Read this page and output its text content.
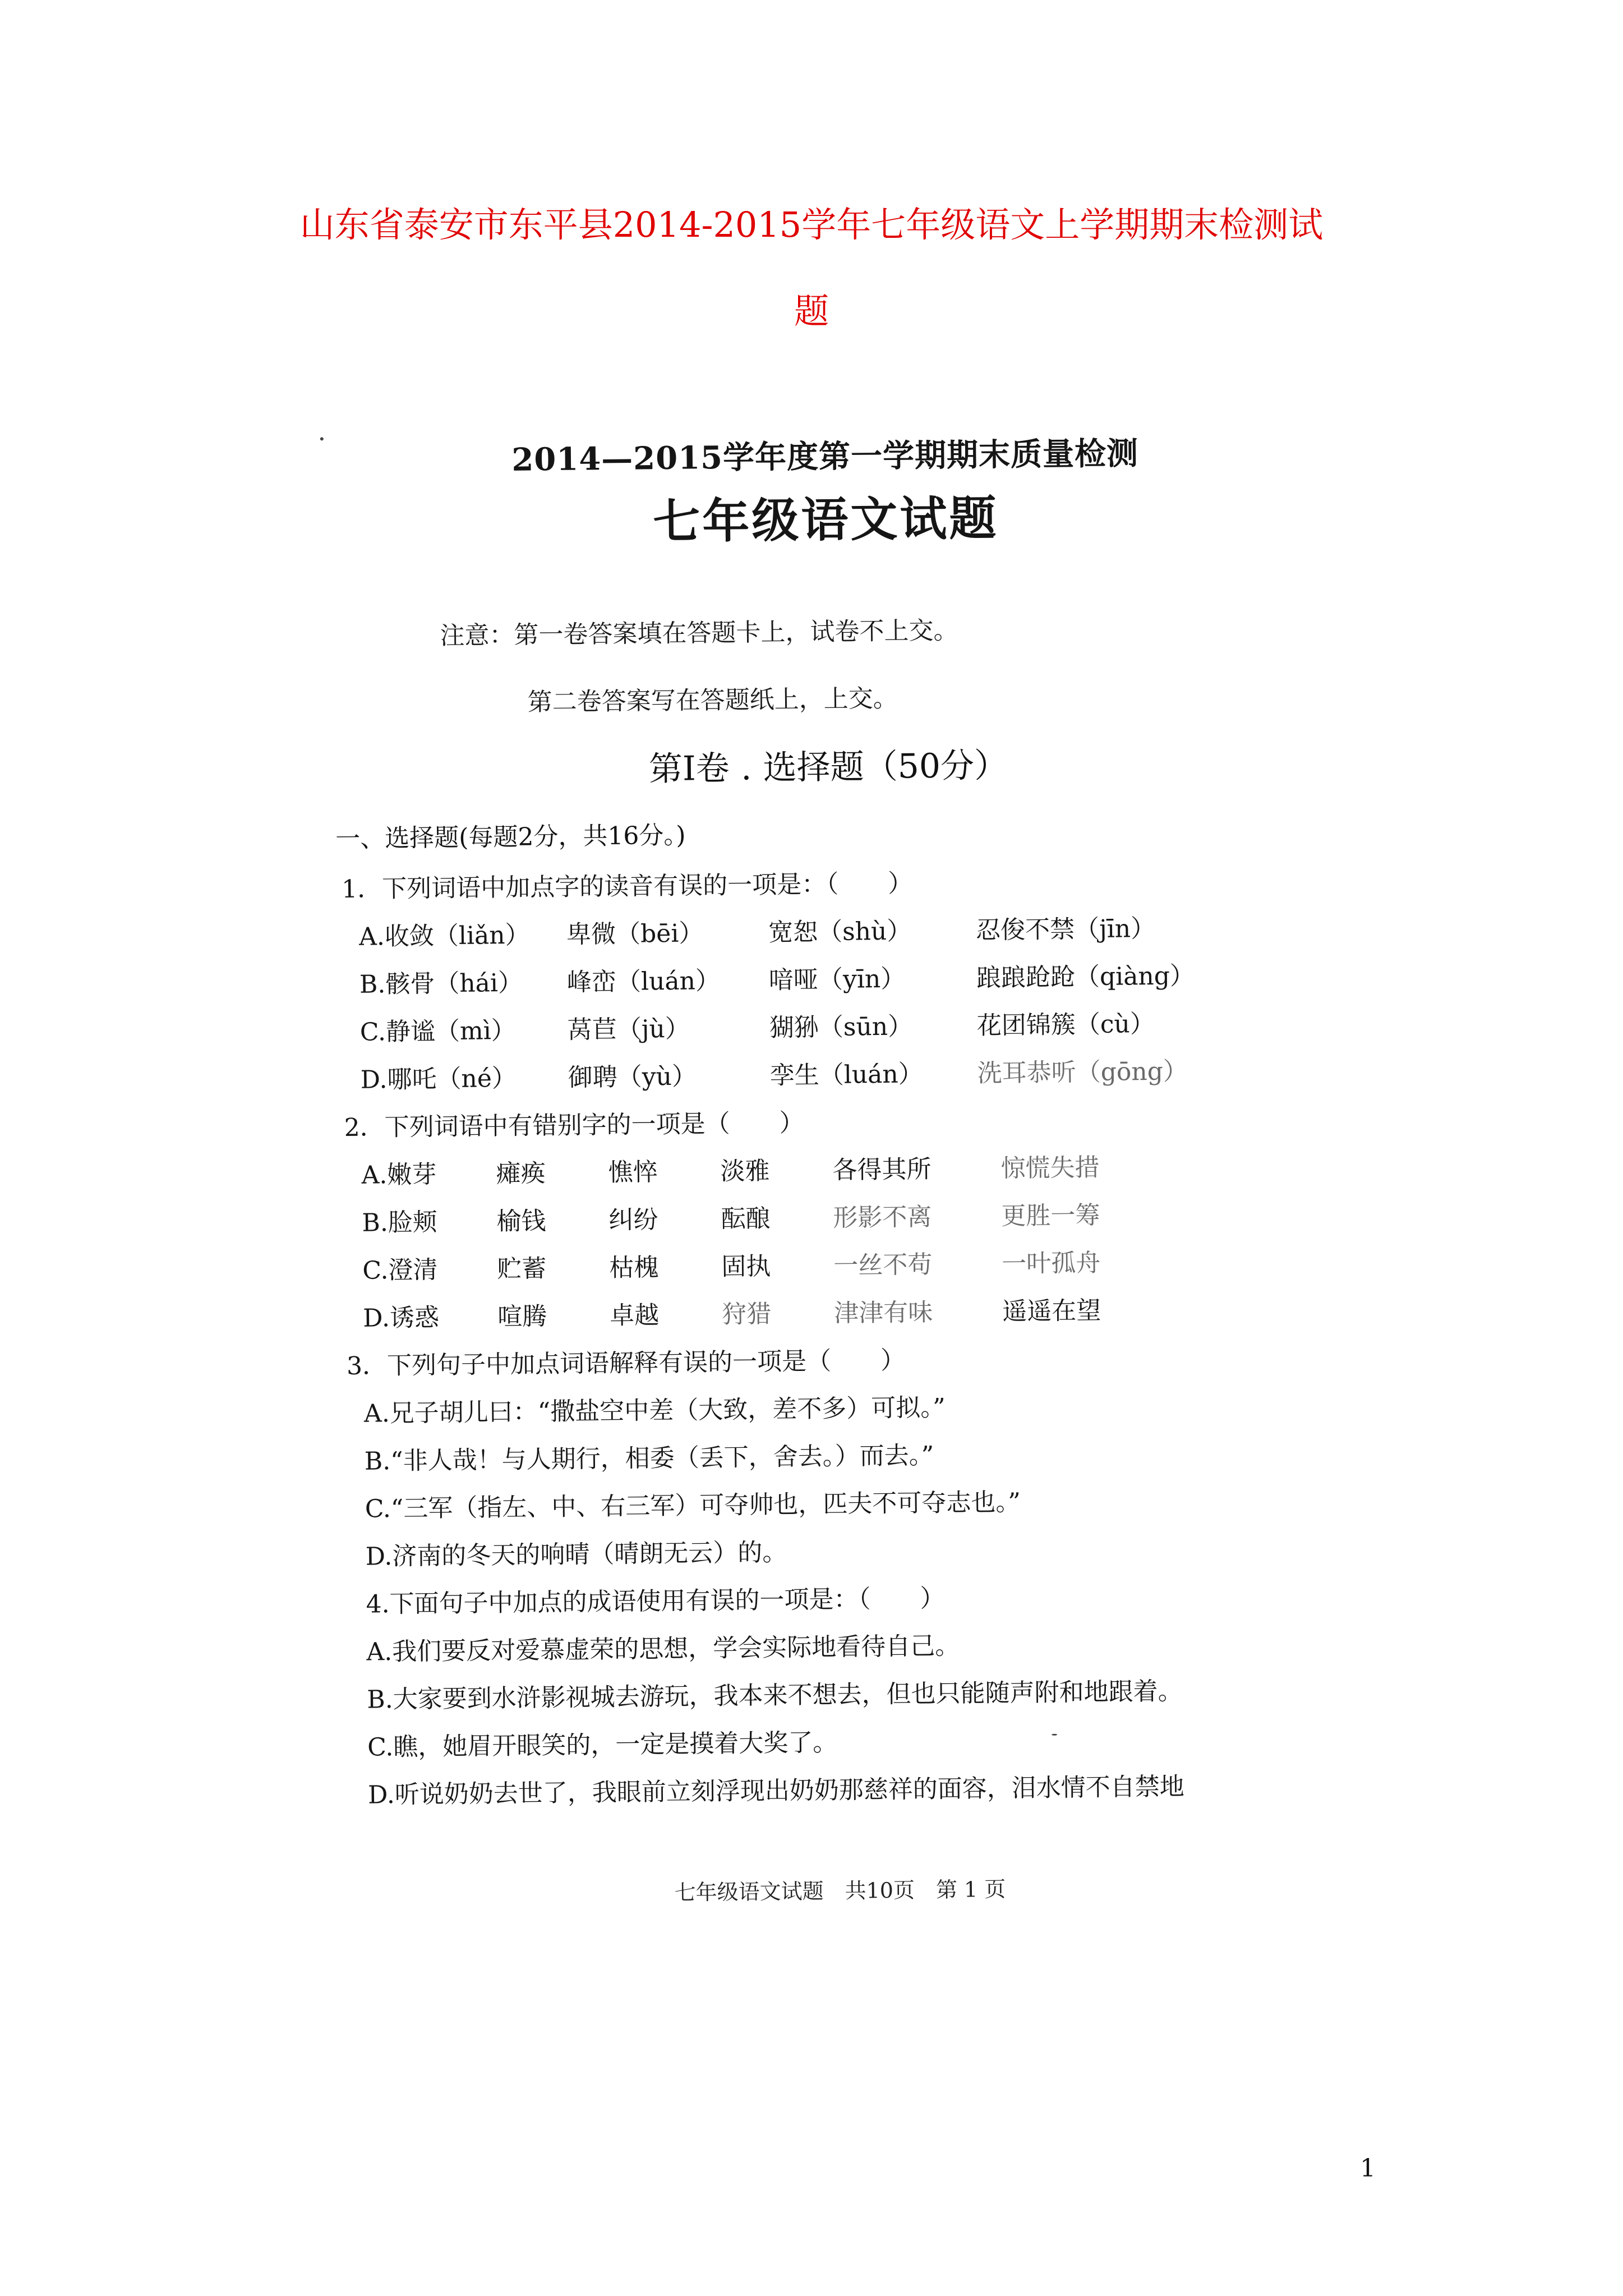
山东省泰安市东平县2014-2015学年七年级语文上学期期末检测试
题
2014—2015学年度第一学期期末质量检测
七年级语文试题
注意：第一卷答案填在答题卡上，试卷不上交。
第二卷答案写在答题纸上，上交。
第Ⅰ卷 . 选择题（50分）
一、选择题(每题2分，共16分。)
1．下列词语中加点字的读音有误的一项是：（　　）
A.收敛（liǎn） 卑微（bēi）	宽恕（shù）	忍俊不禁（jīn）
B.骸骨（hái） 峰峦（luán） 喑哑（yīn）	踉踉跄跄（qiàng）
C.静谧（mì） 莴苣（jù）	猢狲（sūn）	花团锦簇（cù）
D.哪吒（né） 御聘（yù）	孪生（luán） 洗耳恭听（gōng）
2．下列词语中有错别字的一项是（　　）
A.嫩芽 瘫痪	憔悴	淡雅	各得其所	惊慌失措
B.脸颊 榆钱	纠纷	酝酿	形影不离	更胜一筹
C.澄清 贮蓄	枯槐	固执	一丝不苟	一叶孤舟
D.诱惑 喧腾	卓越	狩猎	津津有味	遥遥在望
3．下列句子中加点词语解释有误的一项是（　　）
A.兄子胡儿曰：“撒盐空中差（大致，差不多）可拟。”
B.“非人哉！与人期行，相委（丢下，舍去。）而去。”
C.“三军（指左、中、右三军）可夺帅也，匹夫不可夺志也。”
D.济南的冬天的响晴（晴朗无云）的。
4.下面句子中加点的成语使用有误的一项是：（　　）
A.我们要反对爱慕虚荣的思想，学会实际地看待自己。
B.大家要到水浒影视城去游玩，我本来不想去，但也只能随声附和地跟着。
C.瞧，她眉开眼笑的，一定是摸着大奖了。
D.听说奶奶去世了，我眼前立刻浮现出奶奶那慈祥的面容，泪水情不自禁地
七年级语文试题　共10页　第 1 页
1
